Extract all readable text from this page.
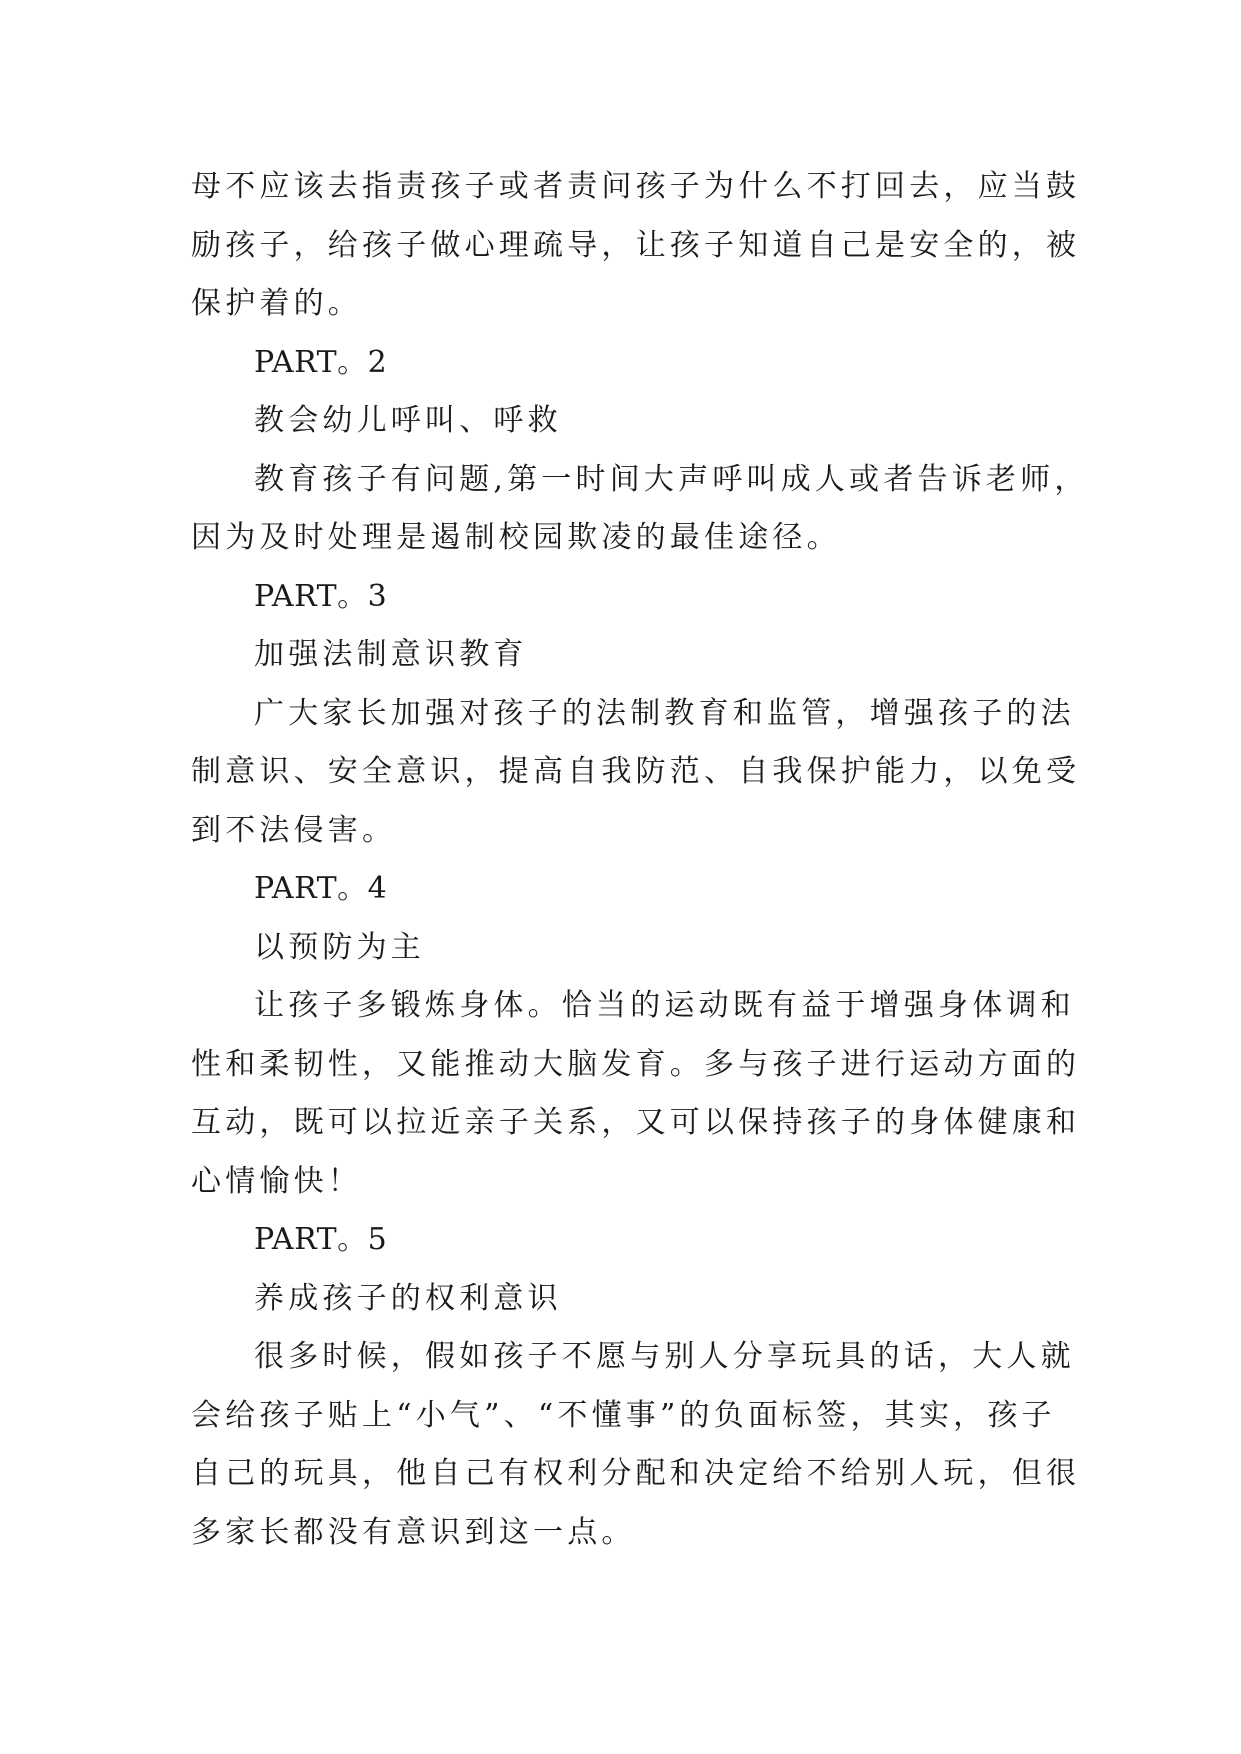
母不应该去指责孩子或者责问孩子为什么不打回去，应当鼓
励孩子，给孩子做心理疏导，让孩子知道自己是安全的，被
保护着的。
PART。2
教会幼儿呼叫、呼救
教育孩子有问题,第一时间大声呼叫成人或者告诉老师，
因为及时处理是遏制校园欺凌的最佳途径。
PART。3
加强法制意识教育
广大家长加强对孩子的法制教育和监管，增强孩子的法
制意识、安全意识，提高自我防范、自我保护能力，以免受
到不法侵害。
PART。4
以预防为主
让孩子多锻炼身体。恰当的运动既有益于增强身体调和
性和柔韧性，又能推动大脑发育。多与孩子进行运动方面的
互动，既可以拉近亲子关系，又可以保持孩子的身体健康和
心情愉快！
PART。5
养成孩子的权利意识
很多时候，假如孩子不愿与别人分享玩具的话，大人就
会给孩子贴上“小气”、“不懂事”的负面标签，其实，孩子
自己的玩具，他自己有权利分配和决定给不给别人玩，但很
多家长都没有意识到这一点。
